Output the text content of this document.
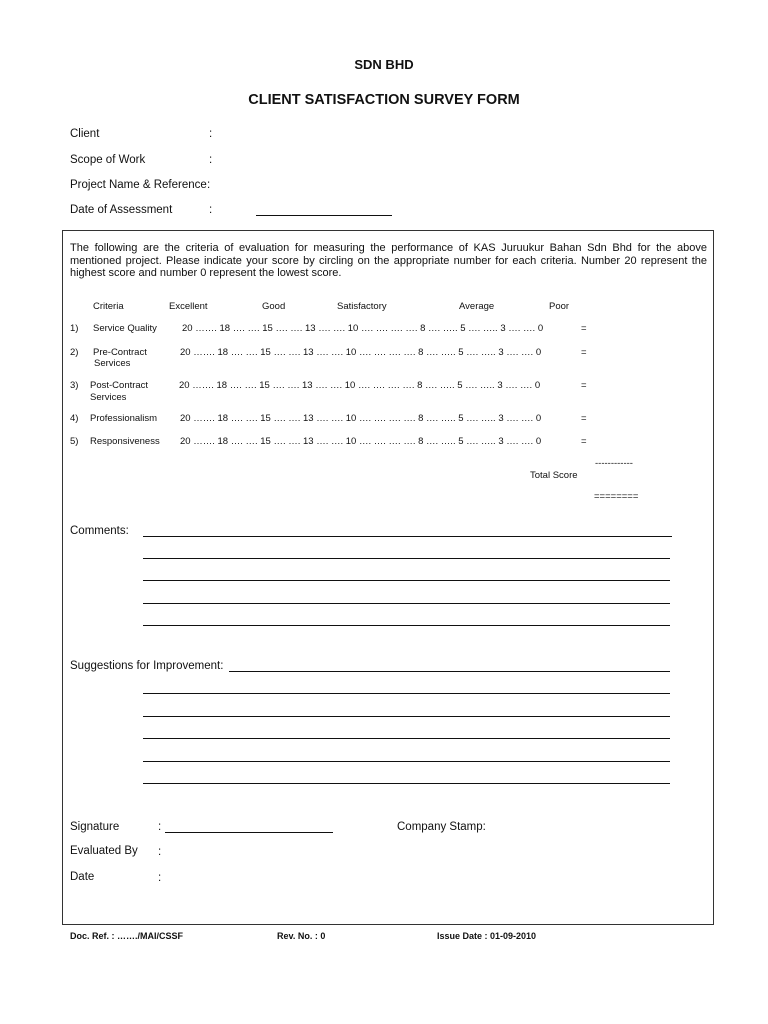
SDN BHD
CLIENT SATISFACTION SURVEY FORM
Client	:
Scope of Work	:
Project Name & Reference :
Date of Assessment	:
The following are the criteria of evaluation for measuring the performance of KAS Juruukur Bahan Sdn Bhd for the above mentioned project. Please indicate your score by circling on the appropriate number for each criteria. Number 20 represent the highest score and number 0 represent the lowest score.
Criteria	Excellent	Good	Satisfactory	Average	Poor
1) Service Quality	20 ……. 18 …. …. 15 …. …. 13 …. …. 10 …. …. …. …. 8 …. ….. 5 …. ….. 3 …. …. 0	=
2) Pre-Contract
Services
20 ……. 18 …. …. 15 …. …. 13 …. …. 10 …. …. …. …. 8 …. ….. 5 …. ….. 3 …. …. 0	=
3) Post-Contract
Services
20 ……. 18 …. …. 15 …. …. 13 …. …. 10 …. …. …. …. 8 …. ….. 5 …. ….. 3 …. …. 0	=
4) Professionalism 20 ……. 18 …. …. 15 …. …. 13 …. …. 10 …. …. …. …. 8 …. ….. 5 …. ….. 3 …. …. 0	=
5) Responsiveness 20 ……. 18 …. …. 15 …. …. 13 …. …. 10 …. …. …. …. 8 …. ….. 5 …. ….. 3 …. …. 0	=
------------
Total Score
========
Comments:
Suggestions for Improvement:
Signature	:	Company Stamp:
Evaluated By :
Date	:
Doc. Ref. : ……./MAI/CSSF	Rev. No. : 0	Issue Date : 01-09-2010
